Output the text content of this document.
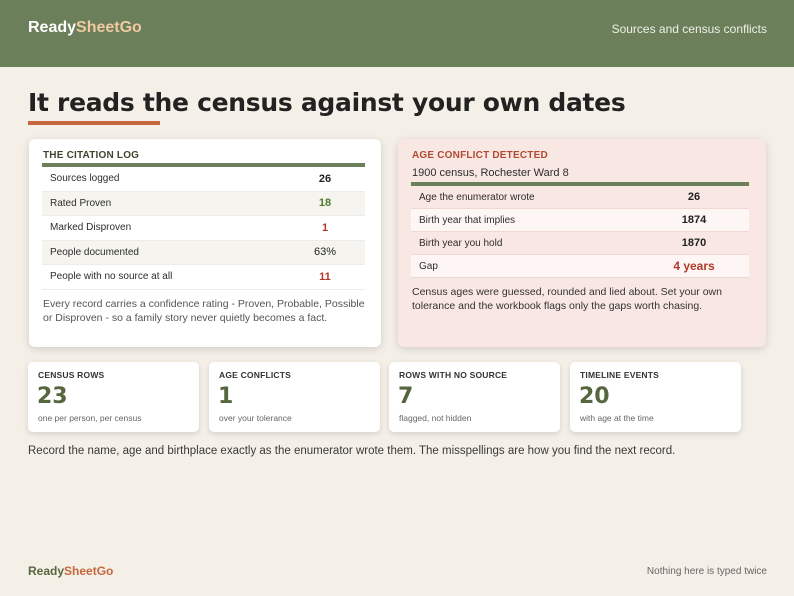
ReadySheetGo	Sources and census conflicts
It reads the census against your own dates
THE CITATION LOG
Sources logged	26
Rated Proven	18
Marked Disproven	1
People documented	63%
People with no source at all	11

Every record carries a confidence rating - Proven, Probable, Possible or Disproven - so a family story never quietly becomes a fact.

AGE CONFLICT DETECTED
1900 census, Rochester Ward 8
Age the enumerator wrote	26
Birth year that implies	1874
Birth year you hold	1870
Gap	4 years

Census ages were guessed, rounded and lied about. Set your own tolerance and the workbook flags only the gaps worth chasing.

CENSUS ROWS
23
one per person, per census
AGE CONFLICTS
1
over your tolerance
ROWS WITH NO SOURCE
7
flagged, not hidden
TIMELINE EVENTS
20
with age at the time

Record the name, age and birthplace exactly as the enumerator wrote them. The misspellings are how you find the next record.

ReadySheetGo	Nothing here is typed twice
